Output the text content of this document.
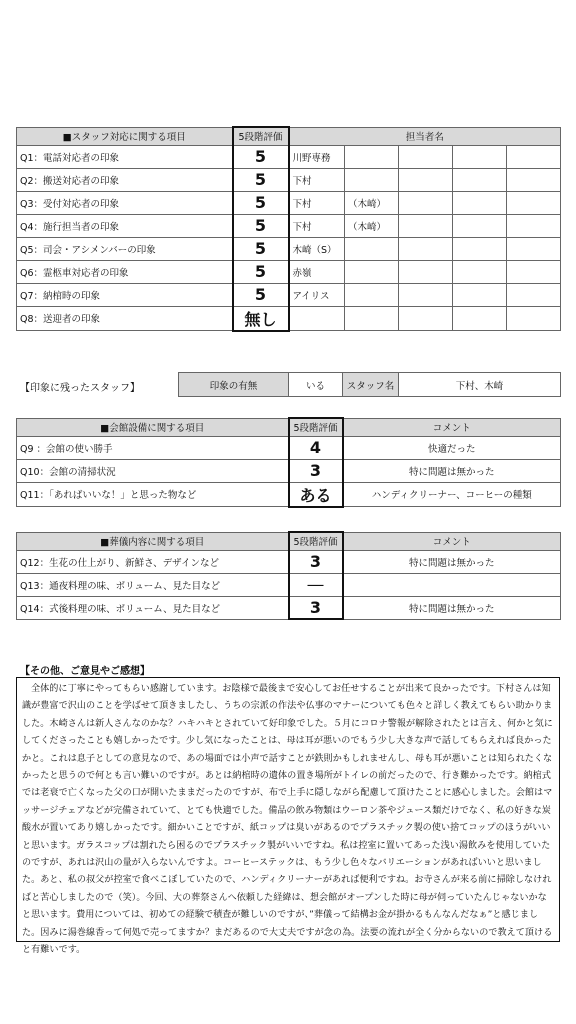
■スタッフ対応に関する項目	5段階評価	担当者名				
Q1：電話対応者の印象	5	川野専務				
Q2：搬送対応者の印象	5	下村				
Q3：受付対応者の印象	5	下村	（木崎）			
Q4：施行担当者の印象	5	下村	（木崎）			
Q5：司会・アシメンバーの印象	5	木崎（S）				
Q6：霊柩車対応者の印象	5	赤嶺				
Q7：納棺時の印象	5	アイリス				
Q8：送迎者の印象	無し					
【印象に残ったスタッフ】	印象の有無	いる	スタッフ名	下村、木崎
■会館設備に関する項目	5段階評価	コメント
Q9 ：会館の使い勝手	4	快適だった
Q10：会館の清掃状況	3	特に問題は無かった
Q11：「あればいいな！」と思った物など	ある	ハンディクリーナー、コーヒーの種類
■葬儀内容に関する項目	5段階評価	コメント
Q12：生花の仕上がり、新鮮さ、デザインなど	3	特に問題は無かった
Q13：通夜料理の味、ボリューム、見た目など	―	
Q14：式後料理の味、ボリューム、見た目など	3	特に問題は無かった
【その他、ご意見やご感想】
全体的に丁寧にやってもらい感謝しています。お陰様で最後まで安心してお任せすることが出来て良かったです。下村さんは知識が豊富で沢山のことを学ばせて頂きましたし、うちの宗派の作法や仏事のマナーについても色々と詳しく教えてもらい助かりました。木崎さんは新人さんなのかな？ハキハキとされていて好印象でした。５月にコロナ警報が解除されたとは言え、何かと気にしてくださったことも嬉しかったです。少し気になったことは、母は耳が悪いのでもう少し大きな声で話してもらえれば良かったかと。これは息子としての意見なので、あの場面では小声で話すことが鉄則かもしれませんし、母も耳が悪いことは知られたくなかったと思うので何とも言い難いのですが。あとは納棺時の遺体の置き場所がトイレの前だったので、行き難かったです。納棺式では老衰で亡くなった父の口が開いたままだったのですが、布で上手に隠しながら配慮して頂けたことに感心しました。会館はマッサージチェアなどが完備されていて、とても快適でした。備品の飲み物類はウーロン茶やジュース類だけでなく、私の好きな炭酸水が置いてあり嬉しかったです。細かいことですが、紙コップは臭いがあるのでプラスチック製の使い捨てコップのほうがいいと思います。ガラスコップは割れたら困るのでプラスチック製がいいですね。私は控室に置いてあった浅い湯飲みを使用していたのですが、あれは沢山の量が入らないんですよ。コーヒーステックは、もう少し色々なバリエーションがあればいいと思いました。あと、私の叔父が控室で食べこぼしていたので、ハンディクリーナーがあれば便利ですね。お寺さんが来る前に掃除しなければと苦心しましたので（笑）。今回、大の葬祭さんへ依頼した経緯は、想会館がオープンした時に母が伺っていたんじゃないかなと思います。費用については、初めての経験で積査が難しいのですが、”葬儀って結構お金が掛かるもんなんだなぁ”と感じました。因みに湯巻線香って何処で売ってますか？まだあるので大丈夫ですが念の為。法要の流れが全く分からないので教えて頂けると有難いです。
